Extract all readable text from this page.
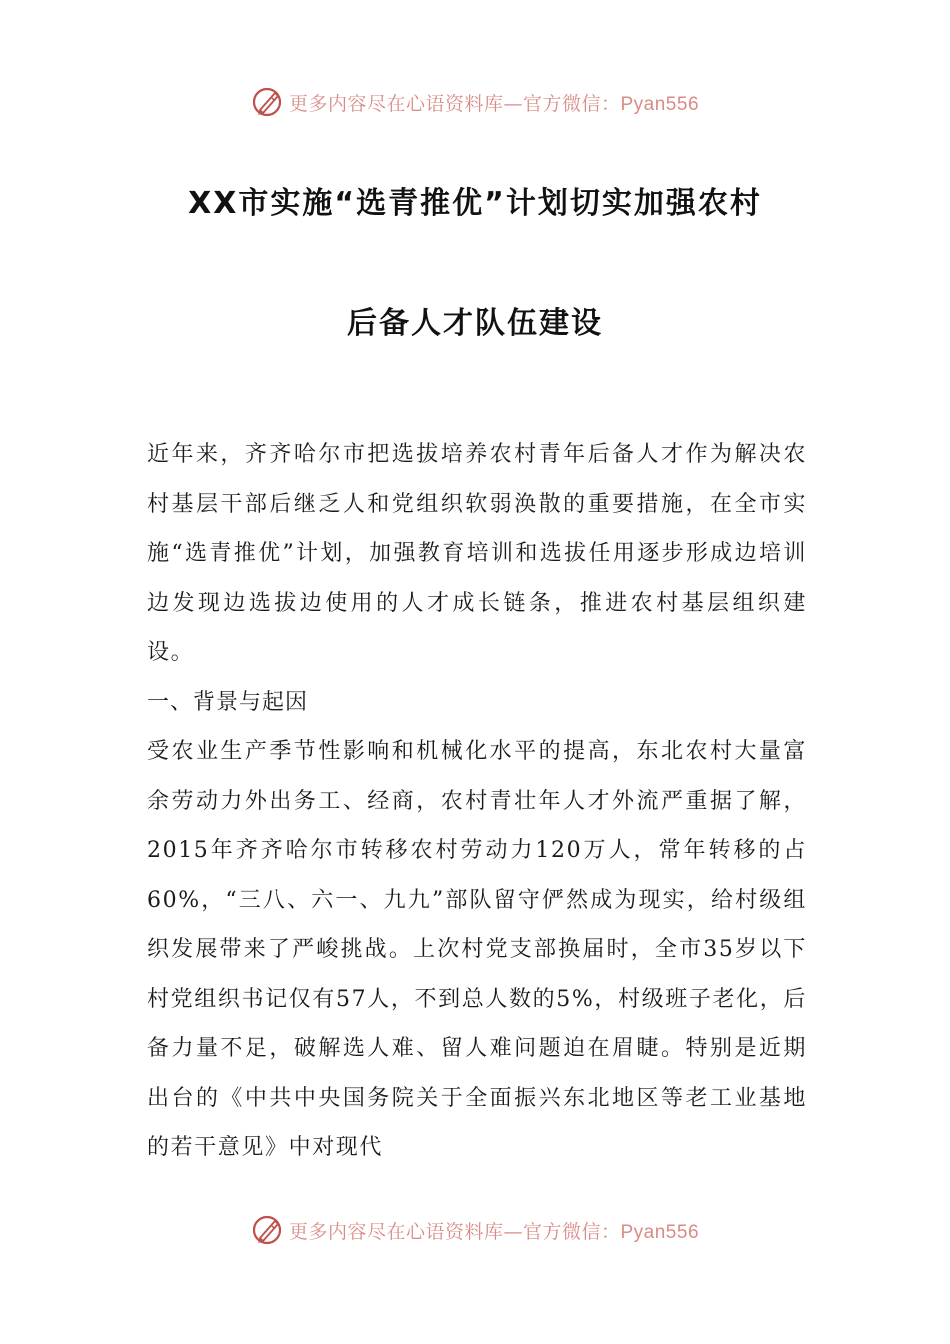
更多内容尽在心语资料库—官方微信：Pyan556
XX市实施“选青推优”计划切实加强农村
后备人才队伍建设

近年来，齐齐哈尔市把选拔培养农村青年后备人才作为解决农村基层干部后继乏人和党组织软弱涣散的重要措施，在全市实施“选青推优”计划，加强教育培训和选拔任用逐步形成边培训边发现边选拔边使用的人才成长链条，推进农村基层组织建设。

一、背景与起因

受农业生产季节性影响和机械化水平的提高，东北农村大量富余劳动力外出务工、经商，农村青壮年人才外流严重据了解，2015年齐齐哈尔市转移农村劳动力120万人，常年转移的占60%，“三八、六一、九九”部队留守俨然成为现实，给村级组织发展带来了严峻挑战。上次村党支部换届时，全市35岁以下村党组织书记仅有57人，不到总人数的5%，村级班子老化，后备力量不足，破解选人难、留人难问题迫在眉睫。特别是近期出台的《中共中央国务院关于全面振兴东北地区等老工业基地的若干意见》中对现代

更多内容尽在心语资料库—官方微信：Pyan556
